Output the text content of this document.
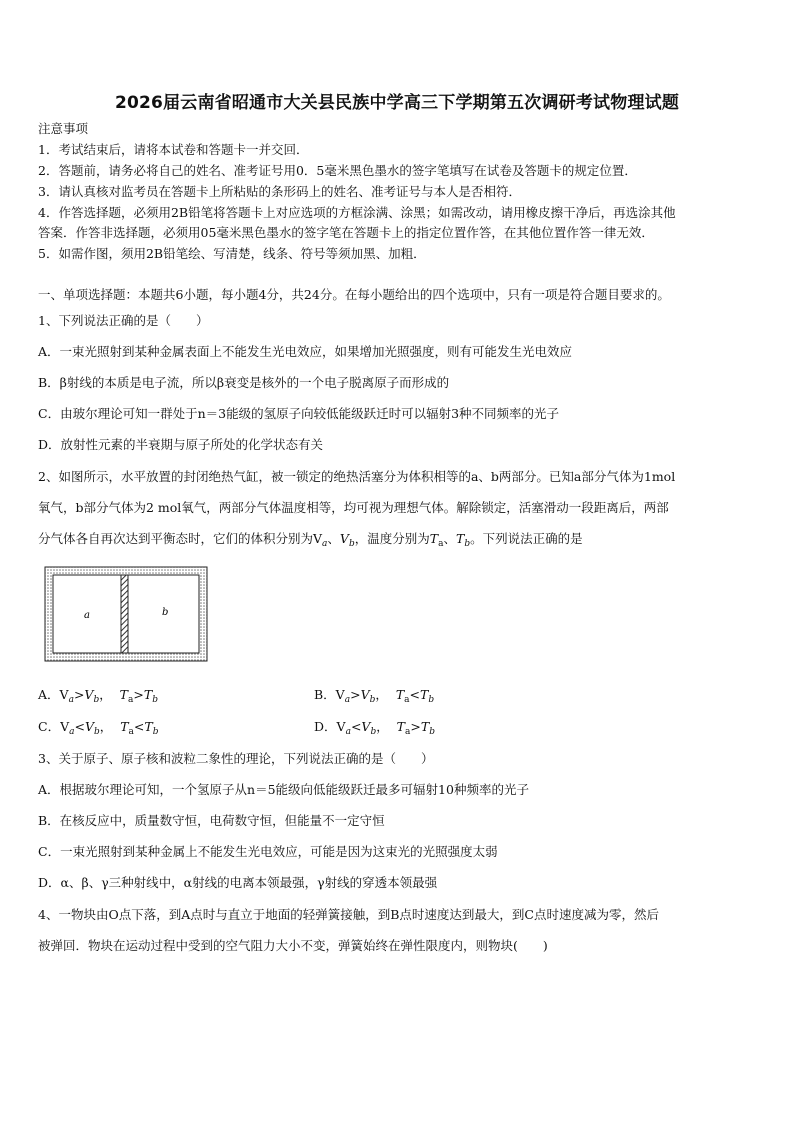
2026届云南省昭通市大关县民族中学高三下学期第五次调研考试物理试题
注意事项
1．考试结束后，请将本试卷和答题卡一并交回．
2．答题前，请务必将自己的姓名、准考证号用0．5毫米黑色墨水的签字笔填写在试卷及答题卡的规定位置．
3．请认真核对监考员在答题卡上所粘贴的条形码上的姓名、准考证号与本人是否相符．
4．作答选择题，必须用2B铅笔将答题卡上对应选项的方框涂满、涂黑；如需改动，请用橡皮擦干净后，再选涂其他
答案．作答非选择题，必须用05毫米黑色墨水的签字笔在答题卡上的指定位置作答，在其他位置作答一律无效．
5．如需作图，须用2B铅笔绘、写清楚，线条、符号等须加黑、加粗．
一、单项选择题：本题共6小题，每小题4分，共24分。在每小题给出的四个选项中，只有一项是符合题目要求的。
1、下列说法正确的是（　　）
A．一束光照射到某种金属表面上不能发生光电效应，如果增加光照强度，则有可能发生光电效应
B．β射线的本质是电子流，所以β衰变是核外的一个电子脱离原子而形成的
C．由玻尔理论可知一群处于n＝3能级的氢原子向较低能级跃迁时可以辐射3种不同频率的光子
D．放射性元素的半衰期与原子所处的化学状态有关
2、如图所示，水平放置的封闭绝热气缸，被一锁定的绝热活塞分为体积相等的a、b两部分。已知a部分气体为1mol
氧气，b部分气体为2 mol氧气，两部分气体温度相等，均可视为理想气体。解除锁定，活塞滑动一段距离后，两部
分气体各自再次达到平衡态时，它们的体积分别为$V_a$、$V_b$，温度分别为$T_a$、$T_b$。下列说法正确的是
a	b
A．$V_a>V_b$，  $T_a>T_b$	B．$V_a>V_b$，  $T_a<T_b$
C．$V_a<V_b$，  $T_a<T_b$	D．$V_a<V_b$，  $T_a>T_b$
3、关于原子、原子核和波粒二象性的理论，下列说法正确的是（　　）
A．根据玻尔理论可知，一个氢原子从n＝5能级向低能级跃迁最多可辐射10种频率的光子
B．在核反应中，质量数守恒，电荷数守恒，但能量不一定守恒
C．一束光照射到某种金属上不能发生光电效应，可能是因为这束光的光照强度太弱
D．α、β、γ三种射线中，α射线的电离本领最强，γ射线的穿透本领最强
4、一物块由O点下落，到A点时与直立于地面的轻弹簧接触，到B点时速度达到最大，到C点时速度减为零，然后
被弹回．物块在运动过程中受到的空气阻力大小不变，弹簧始终在弹性限度内，则物块(　　)
